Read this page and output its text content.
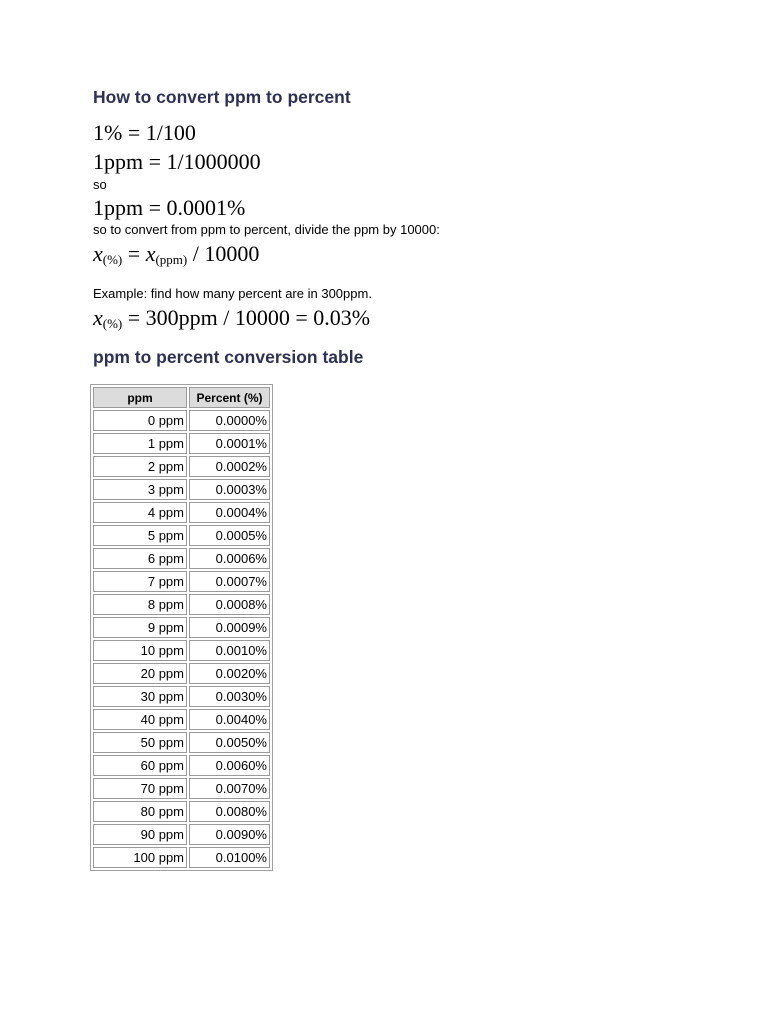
How to convert ppm to percent
1% = 1/100
1ppm = 1/1000000
so
1ppm = 0.0001%
so to convert from ppm to percent, divide the ppm by 10000:
$x_{(\%)} = x_{(ppm)} / 10000$
Example: find how many percent are in 300ppm.
$x_{(\%)} = 300ppm / 10000 = 0.03\%$
ppm to percent conversion table
ppm	Percent (%)
0 ppm	0.0000%
1 ppm	0.0001%
2 ppm	0.0002%
3 ppm	0.0003%
4 ppm	0.0004%
5 ppm	0.0005%
6 ppm	0.0006%
7 ppm	0.0007%
8 ppm	0.0008%
9 ppm	0.0009%
10 ppm	0.0010%
20 ppm	0.0020%
30 ppm	0.0030%
40 ppm	0.0040%
50 ppm	0.0050%
60 ppm	0.0060%
70 ppm	0.0070%
80 ppm	0.0080%
90 ppm	0.0090%
100 ppm	0.0100%
